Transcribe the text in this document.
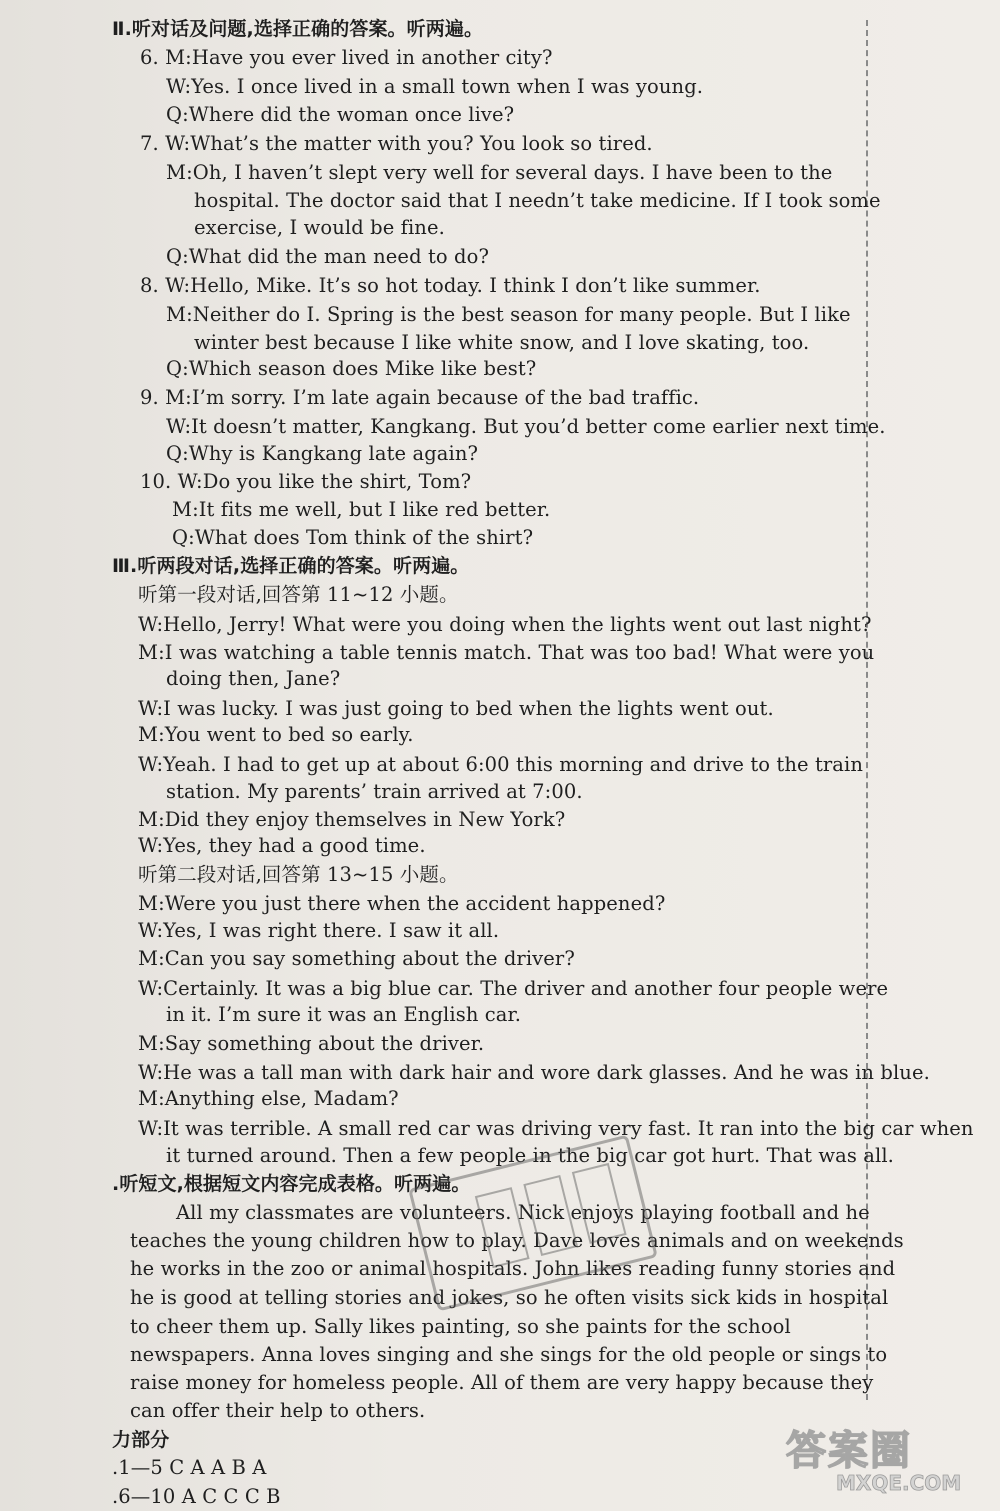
Ⅱ.听对话及问题,选择正确的答案。听两遍。
6. M:Have you ever lived in another city?
W:Yes. I once lived in a small town when I was young.
Q:Where did the woman once live?
7. W:What’s the matter with you? You look so tired.
M:Oh, I haven’t slept very well for several days. I have been to the
hospital. The doctor said that I needn’t take medicine. If I took some
exercise, I would be fine.
Q:What did the man need to do?
8. W:Hello, Mike. It’s so hot today. I think I don’t like summer.
M:Neither do I. Spring is the best season for many people. But I like
winter best because I like white snow, and I love skating, too.
Q:Which season does Mike like best?
9. M:I’m sorry. I’m late again because of the bad traffic.
W:It doesn’t matter, Kangkang. But you’d better come earlier next time.
Q:Why is Kangkang late again?
10. W:Do you like the shirt, Tom?
M:It fits me well, but I like red better.
Q:What does Tom think of the shirt?
Ⅲ.听两段对话,选择正确的答案。听两遍。
听第一段对话,回答第 11~12 小题。
W:Hello, Jerry! What were you doing when the lights went out last night?
M:I was watching a table tennis match. That was too bad! What were you
doing then, Jane?
W:I was lucky. I was just going to bed when the lights went out.
M:You went to bed so early.
W:Yeah. I had to get up at about 6:00 this morning and drive to the train
station. My parents’ train arrived at 7:00.
M:Did they enjoy themselves in New York?
W:Yes, they had a good time.
听第二段对话,回答第 13~15 小题。
M:Were you just there when the accident happened?
W:Yes, I was right there. I saw it all.
M:Can you say something about the driver?
W:Certainly. It was a big blue car. The driver and another four people were
in it. I’m sure it was an English car.
M:Say something about the driver.
W:He was a tall man with dark hair and wore dark glasses. And he was in blue.
M:Anything else, Madam?
W:It was terrible. A small red car was driving very fast. It ran into the big car when
it turned around. Then a few people in the big car got hurt. That was all.
.听短文,根据短文内容完成表格。听两遍。
All my classmates are volunteers. Nick enjoys playing football and he
teaches the young children how to play. Dave loves animals and on weekends
he works in the zoo or animal hospitals. John likes reading funny stories and
he is good at telling stories and jokes, so he often visits sick kids in hospital
to cheer them up. Sally likes painting, so she paints for the school
newspapers. Anna loves singing and she sings for the old people or sings to
raise money for homeless people. All of them are very happy because they
can offer their help to others.
力部分
.1—5 C A A B A
.6—10 A C C C B
答案圈
MXQE.COM
